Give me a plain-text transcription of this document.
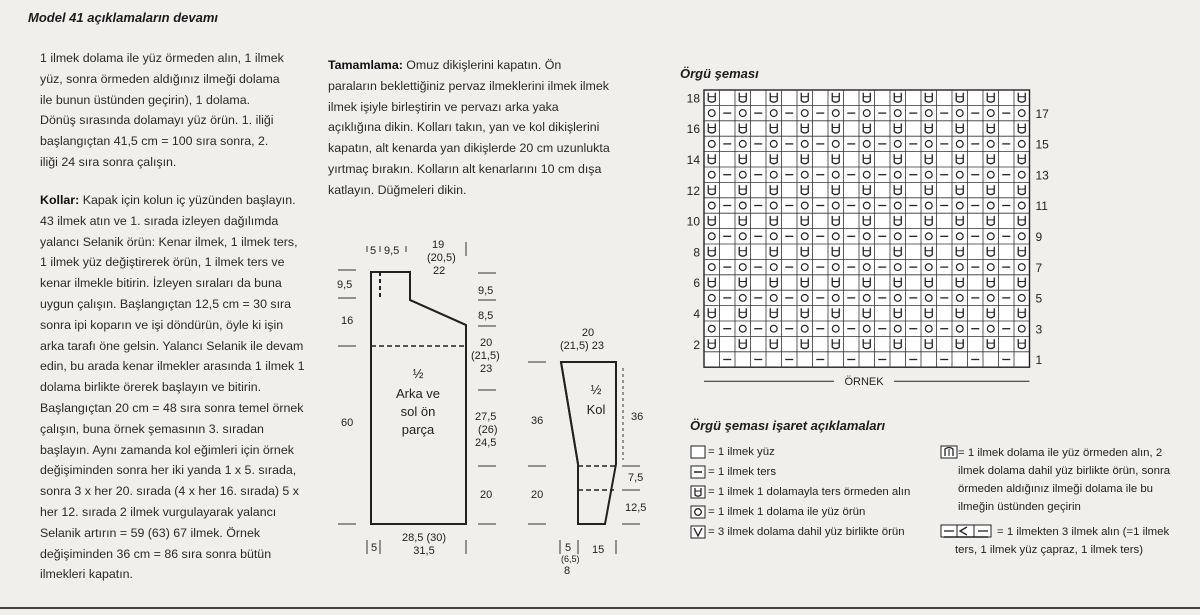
Model 41 açıklamaların devamı

1 ilmek dolama ile yüz örmeden alın, 1 ilmek yüz, sonra örmeden aldığınız ilmeği dolama ile bunun üstünden geçirin), 1 dolama. Dönüş sırasında dolamayı yüz örün. 1. iliği başlangıçtan 41,5 cm = 100 sıra sonra, 2. iliği 24 sıra sonra çalışın.

Kollar: Kapak için kolun iç yüzünden başlayın. 43 ilmek atın ve 1. sırada izleyen dağılımda yalancı Selanik örün: Kenar ilmek, 1 ilmek ters, 1 ilmek yüz değiştirerek örün, 1 ilmek ters ve kenar ilmekle bitirin. İzleyen sıraları da buna uygun çalışın. Başlangıçtan 12,5 cm = 30 sıra sonra ipi koparın ve işi döndürün, öyle ki işin arka tarafı öne gelsin. Yalancı Selanik ile devam edin, bu arada kenar ilmekler arasında 1 ilmek 1 dolama birlikte örerek başlayın ve bitirin. Başlangıçtan 20 cm = 48 sıra sonra temel örnek çalışın, buna örnek şemasının 3. sıradan başlayın. Aynı zamanda kol eğimleri için örnek değişiminden sonra her iki yanda 1 x 5. sırada, sonra 3 x her 20. sırada (4 x her 16. sırada) 5 x her 12. sırada 2 ilmek vurgulayarak yalancı Selanik artırın = 59 (63) 67 ilmek. Örnek değişiminden 36 cm = 86 sıra sonra bütün ilmekleri kapatın.

Tamamlama: Omuz dikişlerini kapatın. Ön paraların beklettiğiniz pervaz ilmeklerini ilmek ilmek ilmek işiyle birleştirin ve pervazı arka yaka açıklığına dikin. Kolları takın, yan ve kol dikişlerini kapatın, alt kenarda yan dikişlerde 20 cm uzunlukta yırtmaç bırakın. Kolların alt kenarlarını 10 cm dışa katlayın. Düğmeleri dikin.

5 9,5	19
(20,5)
22
½
Arka ve
sol ön
parça
9,5
16
60
9,5
8,5
20
(21,5)
23
27,5
(26)
24,5
20
5
28,5 (30)
31,5
20
(21,5) 23
½
Kol
36
20
36
7,5
12,5
5
(6,5)
8
15
Örgü şeması
18
16
14
12
10
8
6
4
2
17
15
13
11
9
7
5
3
1
ÖRNEK
Örgü şeması işaret açıklamaları
= 1 ilmek yüz
= 1 ilmek ters
= 1 ilmek 1 dolamayla ters örmeden alın
= 1 ilmek 1 dolama ile yüz örün
= 3 ilmek dolama dahil yüz birlikte örün
= 1 ilmek dolama ile yüz örmeden alın, 2 ilmek dolama dahil yüz birlikte örün, sonra örmeden aldığınız ilmeği dolama ile bu ilmeğin üstünden geçirin
= 1 ilmekten 3 ilmek alın (=1 ilmek ters, 1 ilmek yüz çapraz, 1 ilmek ters)
